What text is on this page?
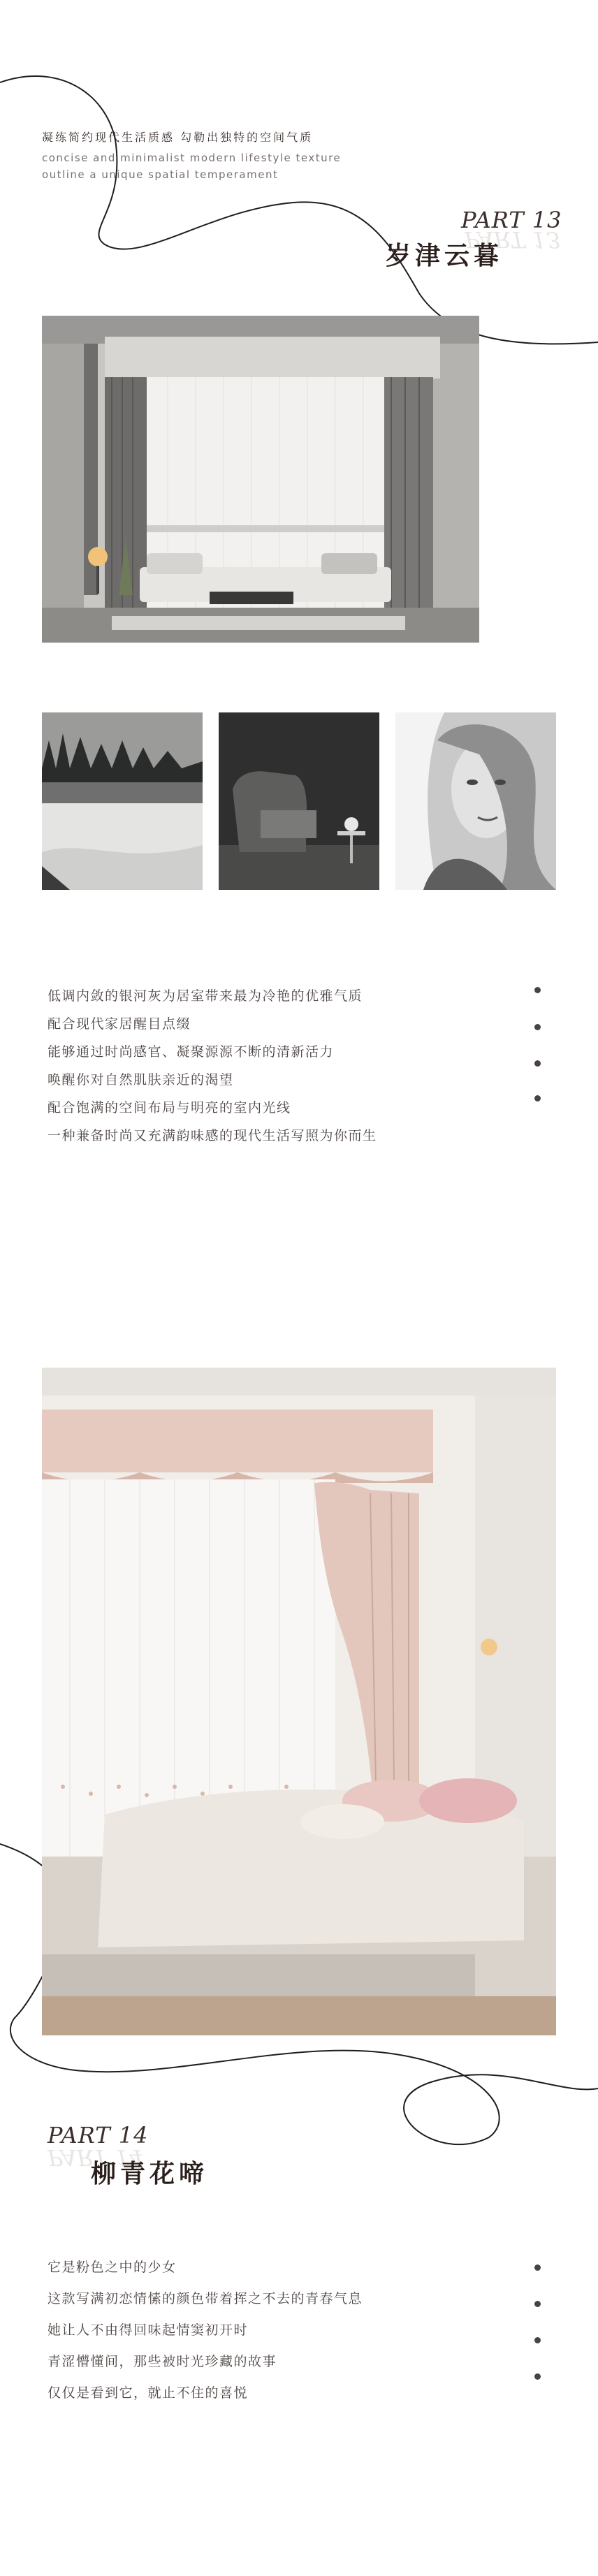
凝练简约现代生活质感 勾勒出独特的空间气质
concise and minimalist modern lifestyle texture
outline a unique spatial temperament
PART 13
PART 13
岁津云暮
低调内敛的银河灰为居室带来最为冷艳的优雅气质
配合现代家居醒目点缀
能够通过时尚感官、凝聚源源不断的清新活力
唤醒你对自然肌肤亲近的渴望
配合饱满的空间布局与明亮的室内光线
一种兼备时尚又充满韵味感的现代生活写照为你而生
PART 14
PART 14
柳青花啼
它是粉色之中的少女
这款写满初恋情愫的颜色带着挥之不去的青春气息
她让人不由得回味起情窦初开时
青涩懵懂间，那些被时光珍藏的故事
仅仅是看到它，就止不住的喜悦
